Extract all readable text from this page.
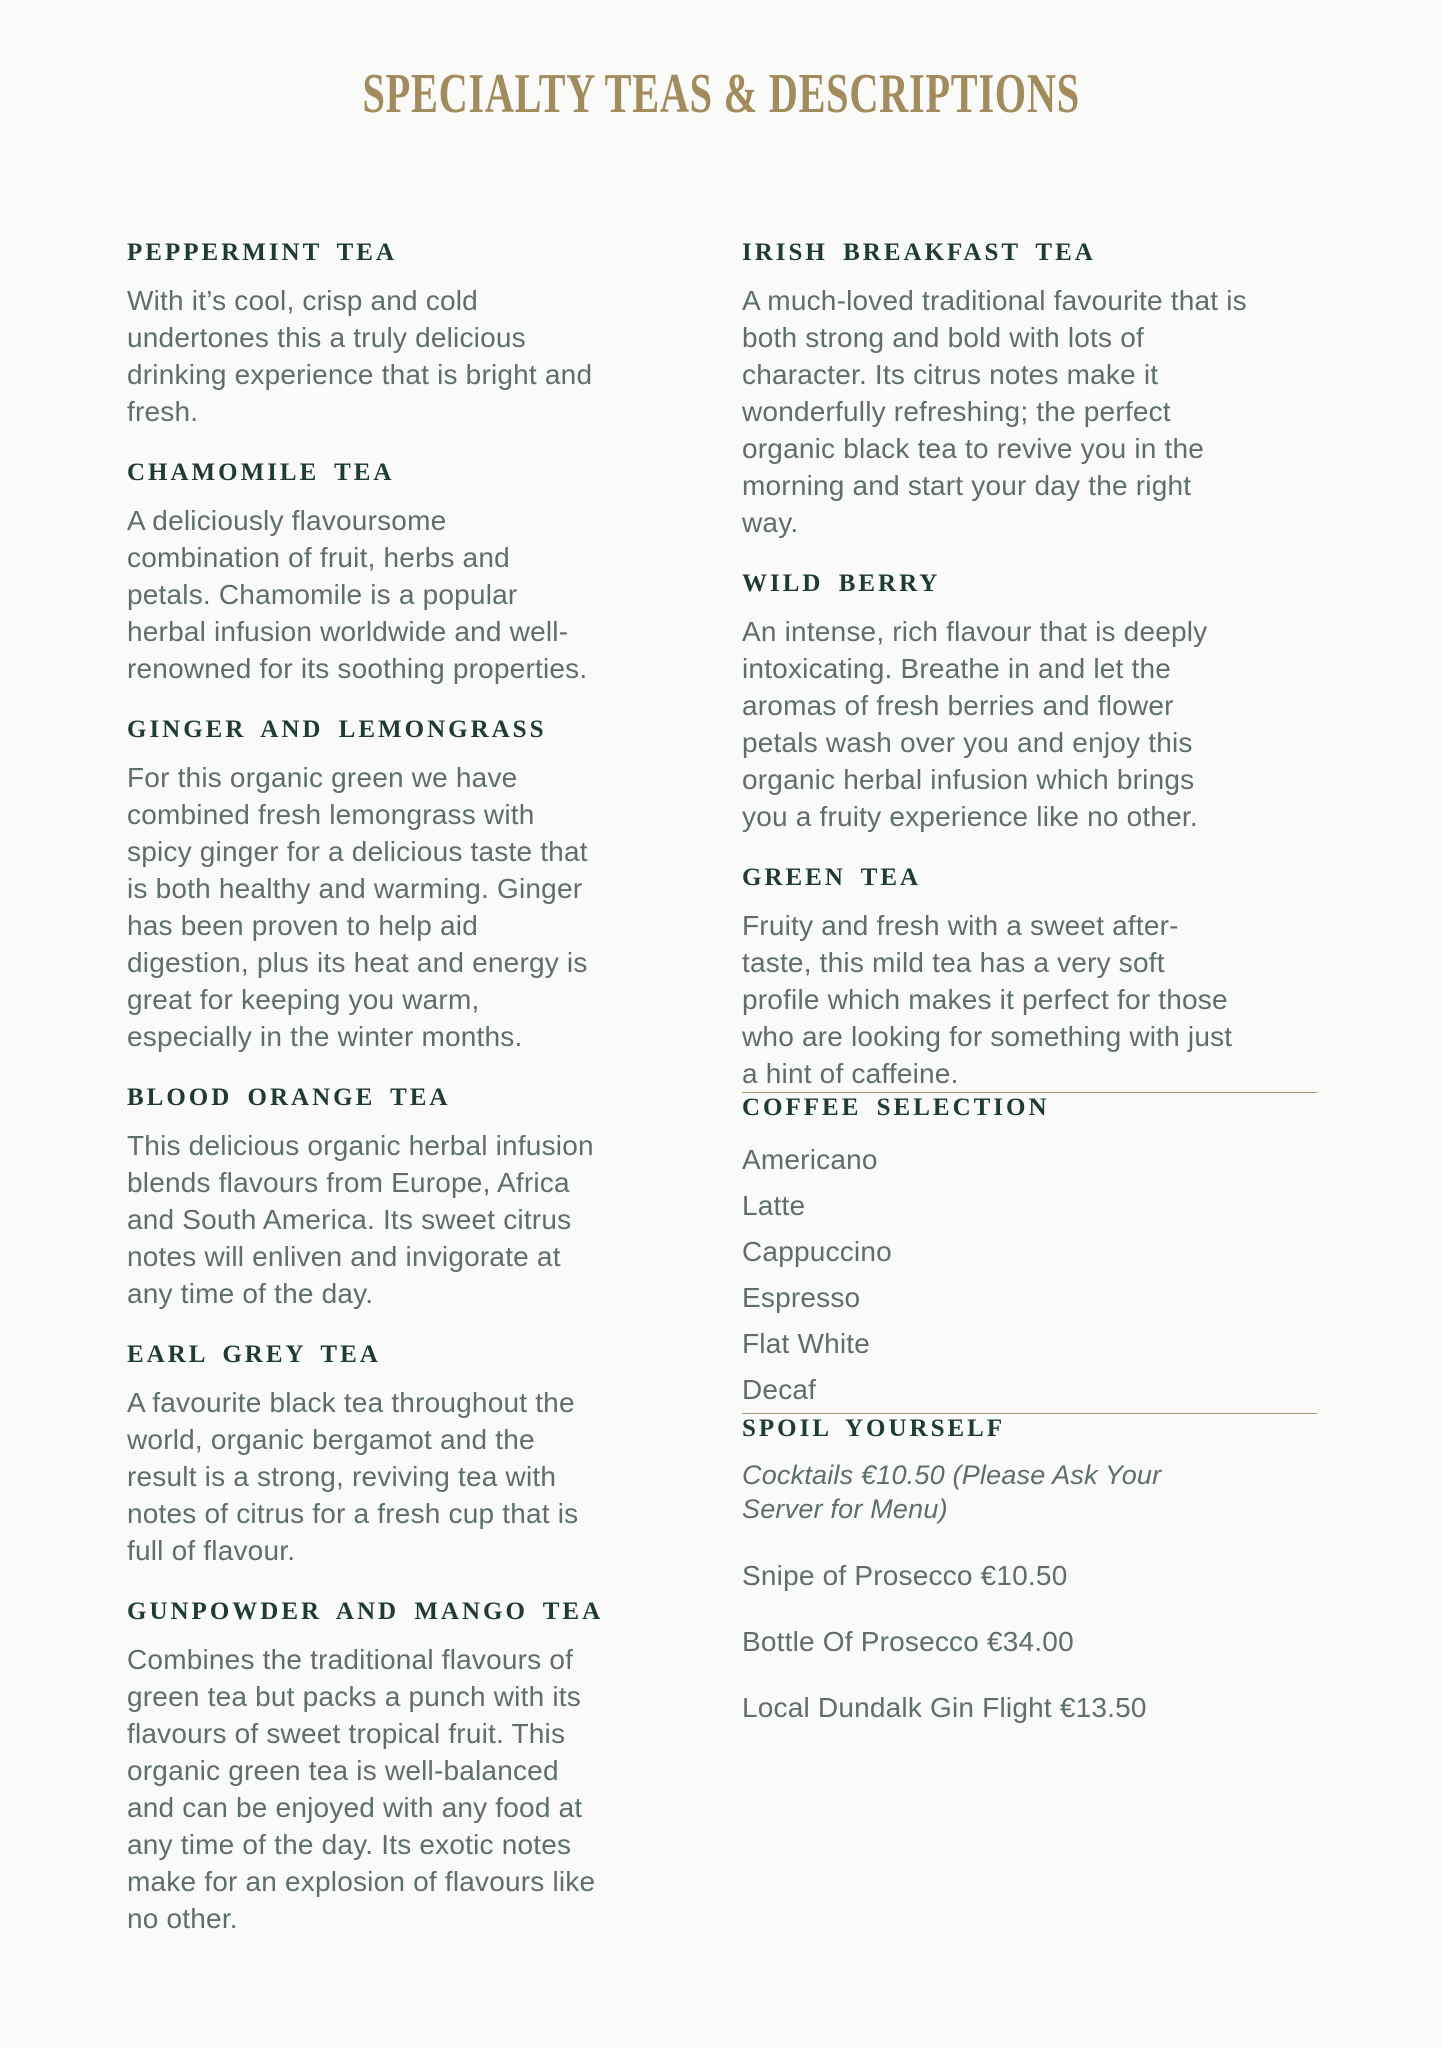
SPECIALTY TEAS & DESCRIPTIONS
PEPPERMINT TEA

With it’s cool, crisp and cold undertones this a truly delicious drinking experience that is bright and fresh.

CHAMOMILE TEA

A deliciously flavoursome combination of fruit, herbs and petals. Chamomile is a popular herbal infusion worldwide and well-renowned for its soothing properties.

GINGER AND LEMONGRASS

For this organic green we have combined fresh lemongrass with spicy ginger for a delicious taste that is both healthy and warming. Ginger has been proven to help aid digestion, plus its heat and energy is great for keeping you warm, especially in the winter months.

BLOOD ORANGE TEA

This delicious organic herbal infusion blends flavours from Europe, Africa and South America. Its sweet citrus notes will enliven and invigorate at any time of the day.

EARL GREY TEA

A favourite black tea throughout the world, organic bergamot and the result is a strong, reviving tea with notes of citrus for a fresh cup that is full of flavour.

GUNPOWDER AND MANGO TEA

Combines the traditional flavours of green tea but packs a punch with its flavours of sweet tropical fruit. This organic green tea is well-balanced and can be enjoyed with any food at any time of the day. Its exotic notes make for an explosion of flavours like no other.

IRISH BREAKFAST TEA

A much-loved traditional favourite that is both strong and bold with lots of character. Its citrus notes make it wonderfully refreshing; the perfect organic black tea to revive you in the morning and start your day the right way.

WILD BERRY

An intense, rich flavour that is deeply intoxicating. Breathe in and let the aromas of fresh berries and flower petals wash over you and enjoy this organic herbal infusion which brings you a fruity experience like no other.

GREEN TEA

Fruity and fresh with a sweet after-taste, this mild tea has a very soft profile which makes it perfect for those who are looking for something with just a hint of caffeine.

COFFEE SELECTION
Americano
Latte
Cappuccino
Espresso
Flat White
Decaf
SPOIL YOURSELF

Cocktails €10.50 (Please Ask Your Server for Menu)

Snipe of Prosecco €10.50

Bottle Of Prosecco €34.00

Local Dundalk Gin Flight €13.50
